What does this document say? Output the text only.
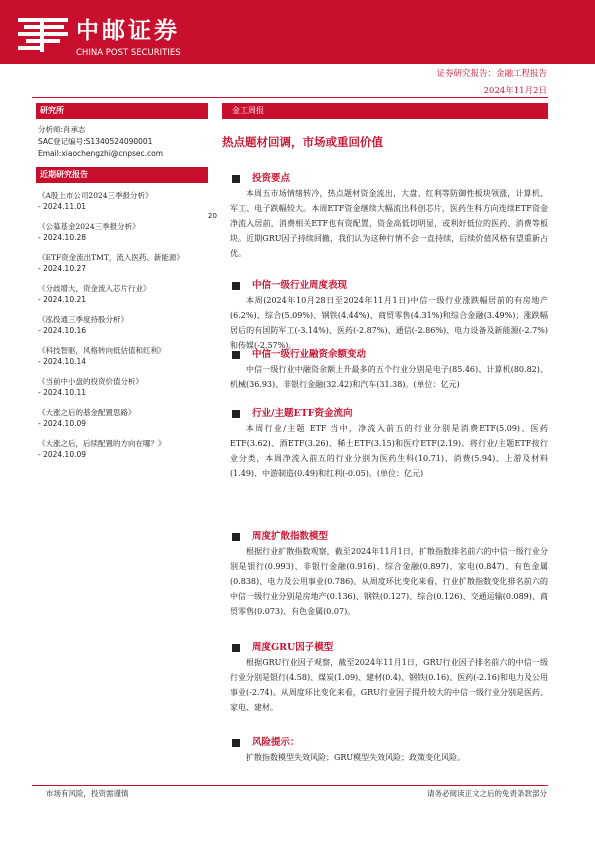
中邮证券
CHINA POST SECURITIES
证券研究报告：金融工程报告
2024年11月2日
研究所
分析师:肖承志
SAC登记编号:S1340524090001
Email:xiaochengzhi@cnpsec.com
近期研究报告
《A股上市公司2024三季报分析》
- 2024.11.01
《公募基金2024三季报分析》
- 2024.10.28
《ETF资金流出TMT，流入医药、新能源》
- 2024.10.27
《分歧增大，资金流入芯片行业》
- 2024.10.21
《泓投通三季度持股分析》
- 2024.10.16
《科技智驱，风格转向低估值和红利》
- 2024.10.14
《当前中小盘的投资价值分析》
- 2024.10.11
《大涨之后的基金配置思路》
- 2024.10.09
《大涨之后，后续配置的方向在哪？》
- 2024.10.09
20
金工周报
热点题材回调，市场或重回价值
投资要点
本周五市场情绪转冷，热点题材资金流出，大盘、红利等防御性板块领涨，计算机、军工、电子跌幅较大。本周ETF资金继续大幅流出科创芯片，医药生科方向连续ETF资金净流入居前，消费相关ETF也有资配置，资金高低切明显，或利好低位的医药、消费等板块。近期GRU因子持续回撤，我们认为这种行情不会一直持续，后续价值风格有望重新占优。
中信一级行业周度表现
本周(2024年10月28日至2024年11月1日)中信一级行业涨跌幅居前的有房地产(6.2%)、综合(5.09%)、钢铁(4.44%)、商贸零售(4.31%)和综合金融(3.49%)；涨跌幅居后的有国防军工(-3.14%)、医药(-2.87%)、通信(-2.86%)、电力设备及新能源(-2.7%)和传媒(-2.57%)。
中信一级行业融资余额变动
中信一级行业中融资余额上升最多的五个行业分别是电子(85.46)、计算机(80.82)、机械(36.93)、非银行金融(32.42)和汽车(31.38)。(单位：亿元)
行业/主题ETF资金流向
本周行业/主题 ETF 当中，净流入前五的行业分别是消费ETF(5.09)、医药ETF(3.62)、酒ETF(3.26)、稀土ETF(3.15)和医疗ETF(2.19)。将行业/主题ETF按行业分类，本周净流入前五的行业分别为医药生科(10.71)、消费(5.94)、上游及材料(1.49)、中游制造(0.49)和红利(-0.05)。(单位：亿元)
周度扩散指数模型
根据行业扩散指数观察，截至2024年11月1日，扩散指数排名前六的中信一级行业分别是银行(0.993)、非银行金融(0.916)、综合金融(0.897)、家电(0.847)、有色金属(0.838)、电力及公用事业(0.786)。从周度环比变化来看，行业扩散指数变化排名前六的中信一级行业分别是房地产(0.136)、钢铁(0.127)、综合(0.126)、交通运输(0.089)、商贸零售(0.073)、有色金属(0.07)。
周度GRU因子模型
根据GRU行业因子观察，截至2024年11月1日，GRU行业因子排名前六的中信一级行业分别是银行(4.58)、煤炭(1.09)、建材(0.4)、钢铁(0.16)、医药(-2.16)和电力及公用事业(-2.74)。从周度环比变化来看，GRU行业因子提升较大的中信一级行业分别是医药、家电、建材。
风险提示：
扩散指数模型失效风险；GRU模型失效风险；政策变化风险。
市场有风险，投资需谨慎	请务必阅读正文之后的免责条款部分
